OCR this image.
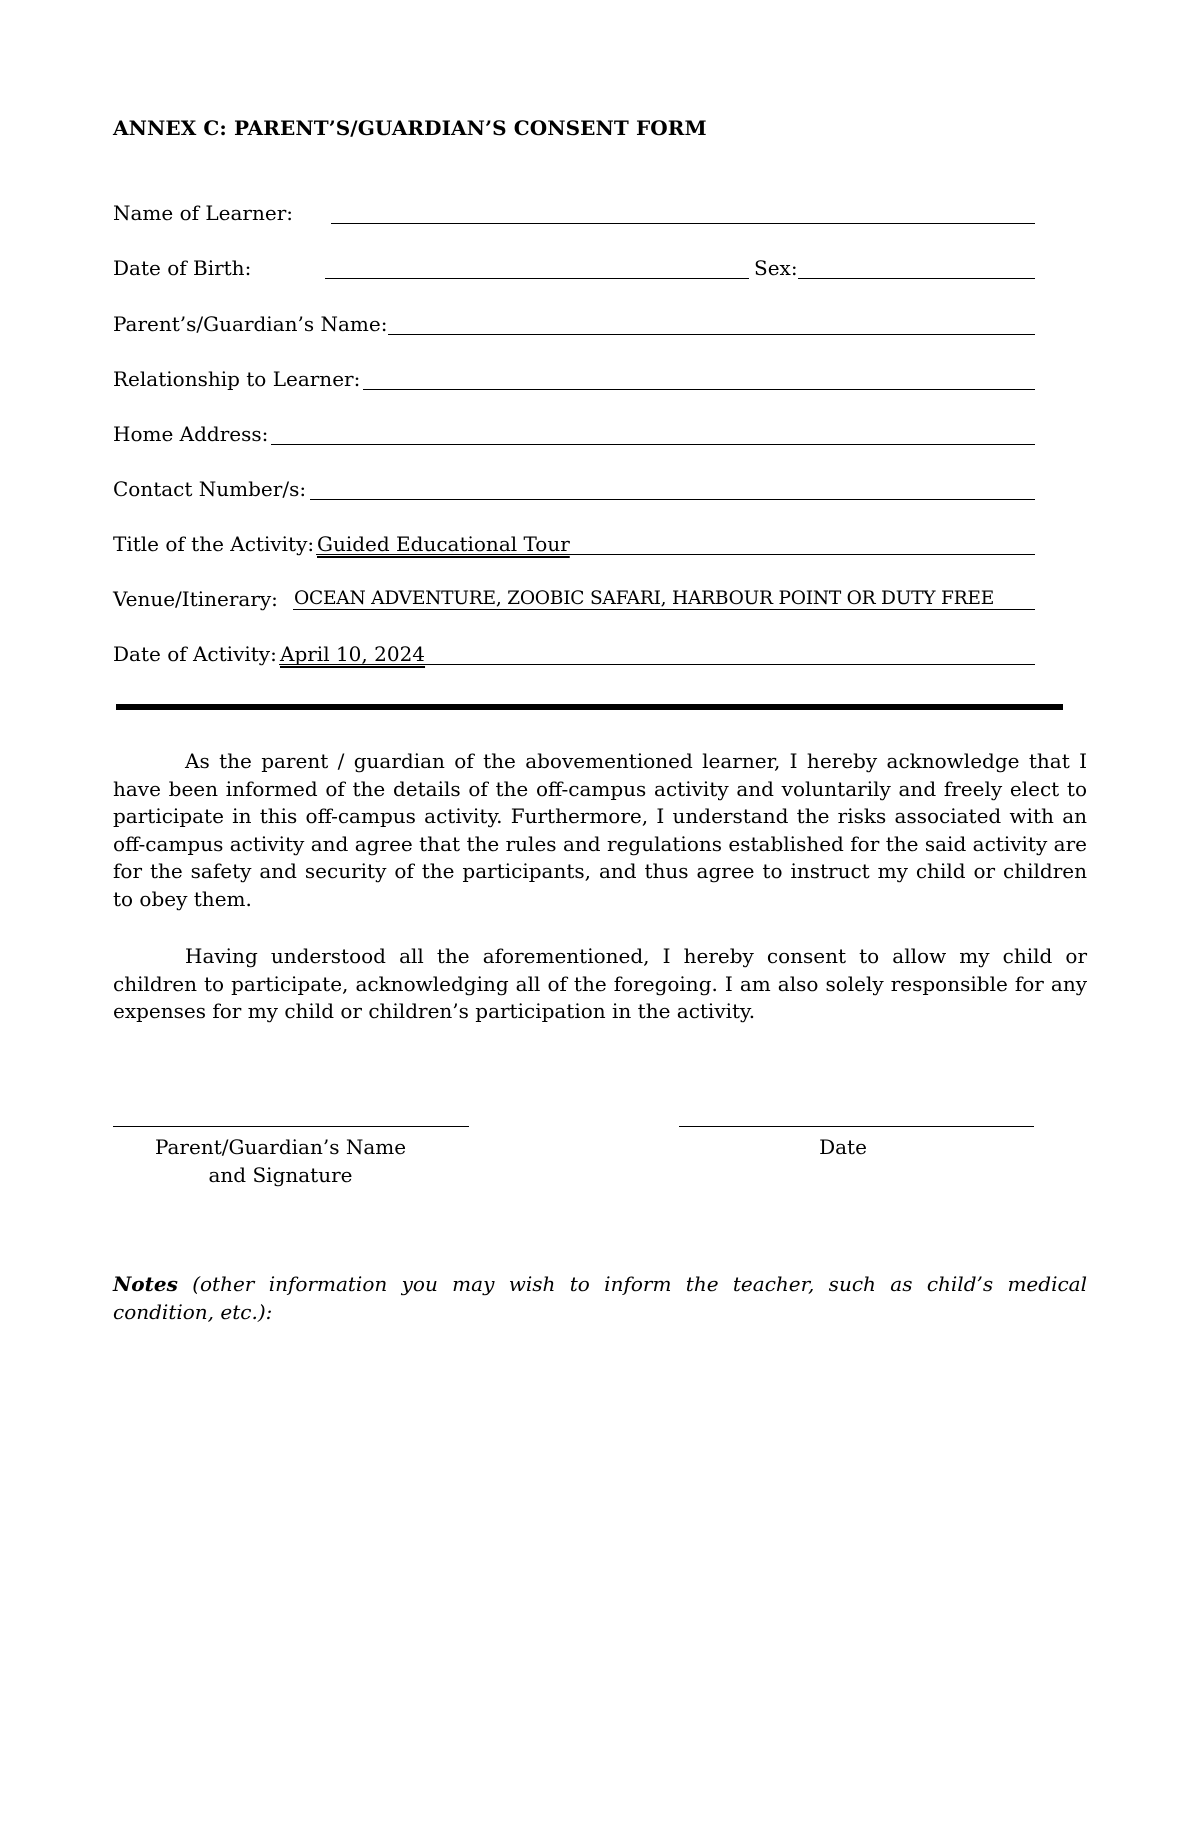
ANNEX C: PARENT’S/GUARDIAN’S CONSENT FORM
Name of Learner:
Date of Birth:	Sex:
Parent’s/Guardian’s Name:
Relationship to Learner:
Home Address:
Contact Number/s:
Title of the Activity: Guided Educational Tour
Venue/Itinerary: OCEAN ADVENTURE, ZOOBIC SAFARI, HARBOUR POINT OR DUTY FREE
Date of Activity: April 10, 2024

As the parent / guardian of the abovementioned learner, I hereby acknowledge that I have been informed of the details of the off-campus activity and voluntarily and freely elect to participate in this off-campus activity. Furthermore, I understand the risks associated with an off-campus activity and agree that the rules and regulations established for the said activity are for the safety and security of the participants, and thus agree to instruct my child or children to obey them.

Having understood all the aforementioned, I hereby consent to allow my child or children to participate, acknowledging all of the foregoing. I am also solely responsible for any expenses for my child or children’s participation in the activity.

Parent/Guardian’s Name
and Signature
Date
Notes (other information you may wish to inform the teacher, such as child’s medical condition, etc.):
